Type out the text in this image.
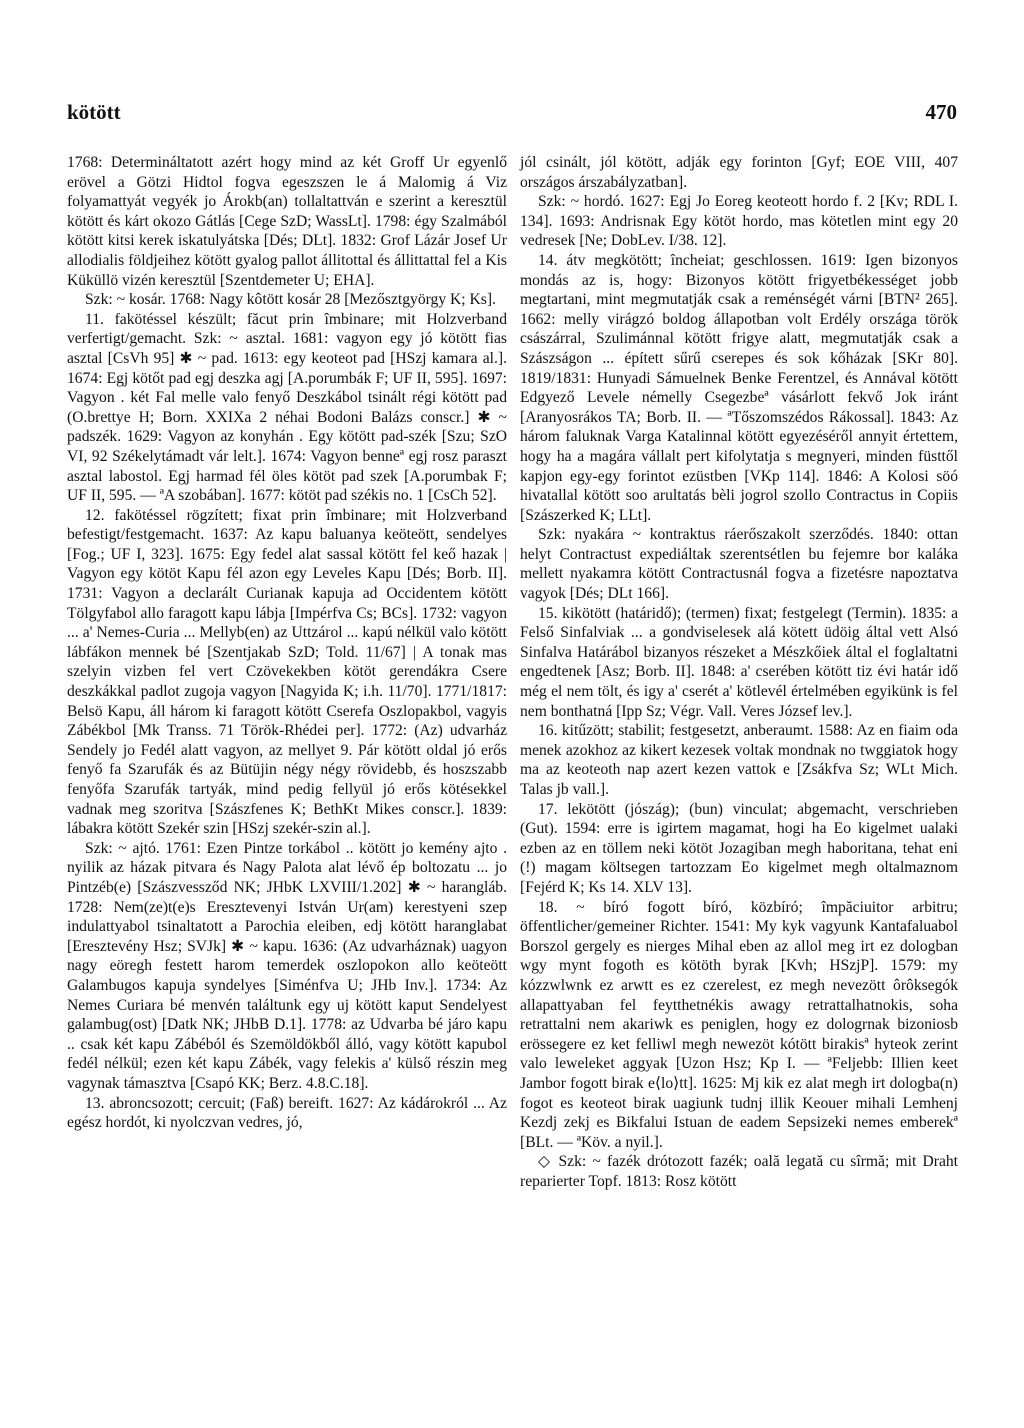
kötött	470

1768: Determináltatott azért hogy mind az két Groff Ur egyenlő erövel a Götzi Hidtol fogva egeszszen le á Malomig á Viz folyamattyát vegyék jo Árokb(an) tollaltattván e szerint a keresztül kötött és kárt okozo Gátlás [Cege SzD; WassLt]. 1798: égy Szalmából kötött kitsi kerek iskatulyátska [Dés; DLt]. 1832: Grof Lázár Josef Ur allodialis földjeihez kötött gyalog pallot állitottal és állittattal fel a Kis Küküllö vizén keresztül [Szentdemeter U; EHA].

Szk: ~ kosár. 1768: Nagy kôtött kosár 28 [Mezősztgyörgy K; Ks].

11. fakötéssel készült; făcut prin îmbinare; mit Holzverband verfertigt/gemacht. Szk: ~ asztal. 1681: vagyon egy jó kötött fias asztal [CsVh 95] ✱ ~ pad. 1613: egy keoteot pad [HSzj kamara al.]. 1674: Egj kötőt pad egj deszka agj [A.porumbák F; UF II, 595]. 1697: Vagyon . két Fal melle valo fenyő Deszkábol tsinált régi kötött pad (O.brettye H; Born. XXIXa 2 néhai Bodoni Balázs conscr.] ✱ ~ padszék. 1629: Vagyon az konyhán . Egy kötött pad-szék [Szu; SzO VI, 92 Székelytámadt vár lelt.]. 1674: Vagyon benneª egj rosz paraszt asztal labostol. Egj harmad fél öles kötöt pad szek [A.porumbak F; UF II, 595. — ªA szobában]. 1677: kötöt pad székis no. 1 [CsCh 52].

12. fakötéssel rögzített; fixat prin îmbinare; mit Holzverband befestigt/festgemacht. 1637: Az kapu baluanya keöteött, sendelyes [Fog.; UF I, 323]. 1675: Egy fedel alat sassal kötött fel keő hazak | Vagyon egy kötöt Kapu fél azon egy Leveles Kapu [Dés; Borb. II]. 1731: Vagyon a declarált Curianak kapuja ad Occidentem kötött Tölgyfabol allo faragott kapu lábja [Impérfva Cs; BCs]. 1732: vagyon ... a' Nemes-Curia ... Mellyb(en) az Uttzárol ... kapú nélkül valo kötött lábfákon mennek bé [Szentjakab SzD; Told. 11/67] | A tonak mas szelyin vizben fel vert Czövekekben kötöt gerendákra Csere deszkákkal padlot zugoja vagyon [Nagyida K; i.h. 11/70]. 1771/1817: Belsö Kapu, áll három ki faragott kötött Cserefa Oszlopakbol, vagyis Zábékbol [Mk Transs. 71 Török-Rhédei per]. 1772: (Az) udvarház Sendely jo Fedél alatt vagyon, az mellyet 9. Pár kötött oldal jó erős fenyő fa Szarufák és az Bütüjin négy négy rövidebb, és hoszszabb fenyőfa Szarufák tartyák, mind pedig fellyül jó erős kötésekkel vadnak meg szoritva [Szászfenes K; BethKt Mikes conscr.]. 1839: lábakra kötött Szekér szin [HSzj szekér-szin al.].

Szk: ~ ajtó. 1761: Ezen Pintze torkábol .. kötött jo kemény ajto . nyilik az házak pitvara és Nagy Palota alat lévő ép boltozatu ... jo Pintzéb(e) [Szászvessződ NK; JHbK LXVIII/1.202] ✱ ~ harangláb. 1728: Nem(ze)t(e)s Eresztevenyi István Ur(am) kerestyeni szep indulattyabol tsinaltatott a Parochia eleiben, edj kötött haranglabat [Eresztevény Hsz; SVJk] ✱ ~ kapu. 1636: (Az udvarháznak) uagyon nagy eöregh festett harom temerdek oszlopokon allo keöteött Galambugos kapuja syndelyes [Siménfva U; JHb Inv.]. 1734: Az Nemes Curiara bé menvén találtunk egy uj kötött kaput Sendelyest galambug(ost) [Datk NK; JHbB D.1]. 1778: az Udvarba bé járo kapu .. csak két kapu Zábéból és Szemöldökből álló, vagy kötött kapubol fedél nélkül; ezen két kapu Zábék, vagy felekis a' külső részin meg vagynak támasztva [Csapó KK; Berz. 4.8.C.18].

13. abroncsozott; cercuit; (Faß) bereift. 1627: Az kádárokról ... Az egész hordót, ki nyolczvan vedres, jó,

jól csinált, jól kötött, adják egy forinton [Gyf; EOE VIII, 407 országos árszabályzatban].

Szk: ~ hordó. 1627: Egj Jo Eoreg keoteott hordo f. 2 [Kv; RDL I. 134]. 1693: Andrisnak Egy kötöt hordo, mas kötetlen mint egy 20 vedresek [Ne; DobLev. I/38. 12].

14. átv megkötött; încheiat; geschlossen. 1619: Igen bizonyos mondás az is, hogy: Bizonyos kötött frigyetbékességet jobb megtartani, mint megmutatják csak a reménségét várni [BTN² 265]. 1662: melly virágzó boldog állapotban volt Erdély országa török császárral, Szulimánnal kötött frigye alatt, megmutatják csak a Szászságon ... épített sűrű cserepes és sok kőházak [SKr 80]. 1819/1831: Hunyadi Sámuelnek Benke Ferentzel, és Annával kötött Edgyező Levele némelly Csegezbeª vásárlott fekvő Jok iránt [Aranyosrákos TA; Borb. II. — ªTőszomszédos Rákossal]. 1843: Az három faluknak Varga Katalinnal kötött egyezéséről annyit értettem, hogy ha a magára vállalt pert kifolytatja s megnyeri, minden füsttől kapjon egy-egy forintot ezüstben [VKp 114]. 1846: A Kolosi söó hivatallal kötött soo arultatás bèli jogrol szollo Contractus in Copiis [Szászerked K; LLt].

Szk: nyakára ~ kontraktus ráerőszakolt szerződés. 1840: ottan helyt Contractust expediáltak szerentsétlen bu fejemre bor kaláka mellett nyakamra kötött Contractusnál fogva a fizetésre napoztatva vagyok [Dés; DLt 166].

15. kikötött (határidő); (termen) fixat; festgelegt (Termin). 1835: a Felső Sinfalviak ... a gondviselesek alá kötett üdöig által vett Alsó Sinfalva Határábol bizanyos részeket a Mészkőiek által el foglaltatni engedtenek [Asz; Borb. II]. 1848: a' cserében kötött tiz évi határ idő még el nem tölt, és igy a' cserét a' kötlevél értelmében egyikünk is fel nem bonthatná [Ipp Sz; Végr. Vall. Veres József lev.].

16. kitűzött; stabilit; festgesetzt, anberaumt. 1588: Az en fiaim oda menek azokhoz az kikert kezesek voltak mondnak no twggiatok hogy ma az keoteoth nap azert kezen vattok e [Zsákfva Sz; WLt Mich. Talas jb vall.].

17. lekötött (jószág); (bun) vinculat; abgemacht, verschrieben (Gut). 1594: erre is igirtem magamat, hogi ha Eo kigelmet ualaki ezben az en töllem neki kötöt Jozagiban megh haboritana, tehat eni (!) magam költsegen tartozzam Eo kigelmet megh oltalmaznom [Fejérd K; Ks 14. XLV 13].

18. ~ bíró fogott bíró, közbíró; împăciuitor arbitru; öffentlicher/gemeiner Richter. 1541: My kyk vagyunk Kantafaluabol Borszol gergely es nierges Mihal eben az allol meg irt ez dologban wgy mynt fogoth es kötöth byrak [Kvh; HSzjP]. 1579: my kózzwlwnk ez arwtt es ez czerelest, ez megh nevezött ôrôksegók allapattyaban fel feytthetnékis awagy retrattalhatnokis, soha retrattalni nem akariwk es peniglen, hogy ez dologrnak bizoniosb erössegere ez ket felliwl megh newezöt kótött birakisª hyteok zerint valo leweleket aggyak [Uzon Hsz; Kp I. — ªFeljebb: Illien keet Jambor fogott birak e⟨lo⟩tt]. 1625: Mj kik ez alat megh irt dologba(n) fogot es keoteot birak uagiunk tudnj illik Keouer mihali Lemhenj Kezdj zekj es Bikfalui Istuan de eadem Sepsizeki nemes emberekª [BLt. — ªKöv. a nyil.].

◇ Szk: ~ fazék drótozott fazék; oală legată cu sîrmă; mit Draht reparierter Topf. 1813: Rosz kötött
